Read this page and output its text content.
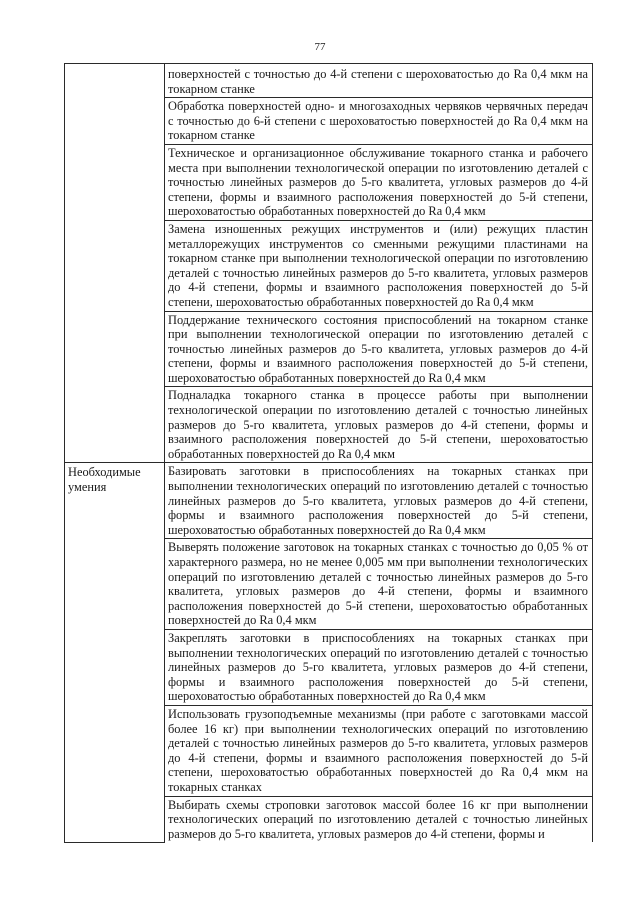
77
	поверхностей с точностью до 4-й степени с шероховатостью до Ra 0,4 мкм на токарном станке
	Обработка поверхностей одно- и многозаходных червяков червячных передач с точностью до 6-й степени с шероховатостью поверхностей до Ra 0,4 мкм на токарном станке
	Техническое и организационное обслуживание токарного станка и рабочего места при выполнении технологической операции по изготовлению деталей с точностью линейных размеров до 5-го квалитета, угловых размеров до 4-й степени, формы и взаимного расположения поверхностей до 5-й степени, шероховатостью обработанных поверхностей до Ra 0,4 мкм
	Замена изношенных режущих инструментов и (или) режущих пластин металлорежущих инструментов со сменными режущими пластинами на токарном станке при выполнении технологической операции по изготовлению деталей с точностью линейных размеров до 5-го квалитета, угловых размеров до 4-й степени, формы и взаимного расположения поверхностей до 5-й степени, шероховатостью обработанных поверхностей до Ra 0,4 мкм
	Поддержание технического состояния приспособлений на токарном станке при выполнении технологической операции по изготовлению деталей с точностью линейных размеров до 5-го квалитета, угловых размеров до 4-й степени, формы и взаимного расположения поверхностей до 5-й степени, шероховатостью обработанных поверхностей до Ra 0,4 мкм
	Подналадка токарного станка в процессе работы при выполнении технологической операции по изготовлению деталей с точностью линейных размеров до 5-го квалитета, угловых размеров до 4-й степени, формы и взаимного расположения поверхностей до 5-й степени, шероховатостью обработанных поверхностей до Ra 0,4 мкм
Необходимые умения	Базировать заготовки в приспособлениях на токарных станках при выполнении технологических операций по изготовлению деталей с точностью линейных размеров до 5-го квалитета, угловых размеров до 4-й степени, формы и взаимного расположения поверхностей до 5-й степени, шероховатостью обработанных поверхностей до Ra 0,4 мкм
	Выверять положение заготовок на токарных станках с точностью до 0,05 % от характерного размера, но не менее 0,005 мм при выполнении технологических операций по изготовлению деталей с точностью линейных размеров до 5-го квалитета, угловых размеров до 4-й степени, формы и взаимного расположения поверхностей до 5-й степени, шероховатостью обработанных поверхностей до Ra 0,4 мкм
	Закреплять заготовки в приспособлениях на токарных станках при выполнении технологических операций по изготовлению деталей с точностью линейных размеров до 5-го квалитета, угловых размеров до 4-й степени, формы и взаимного расположения поверхностей до 5-й степени, шероховатостью обработанных поверхностей до Ra 0,4 мкм
	Использовать грузоподъемные механизмы (при работе с заготовками массой более 16 кг) при выполнении технологических операций по изготовлению деталей с точностью линейных размеров до 5-го квалитета, угловых размеров до 4-й степени, формы и взаимного расположения поверхностей до 5-й степени, шероховатостью обработанных поверхностей до Ra 0,4 мкм на токарных станках
	Выбирать схемы строповки заготовок массой более 16 кг при выполнении технологических операций по изготовлению деталей с точностью линейных размеров до 5-го квалитета, угловых размеров до 4-й степени, формы и
